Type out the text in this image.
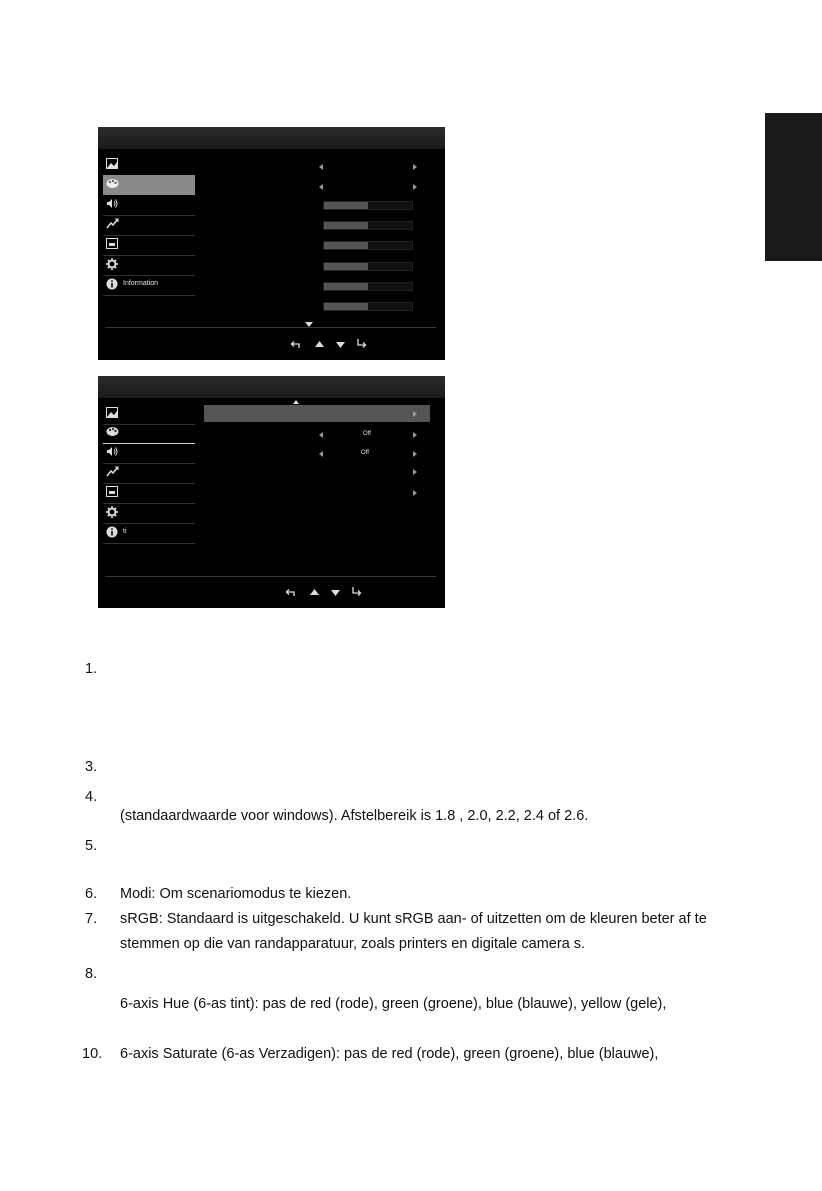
Information
ti
Off
Off
1.
3.
4.
(standaardwaarde voor windows). Afstelbereik is 1.8 , 2.0, 2.2, 2.4 of 2.6.
5.
6. Modi: Om scenariomodus te kiezen.
7. sRGB: Standaard is uitgeschakeld. U kunt sRGB aan- of uitzetten om de kleuren beter af te
stemmen op die van randapparatuur, zoals printers en digitale camera s.
8.
6-axis Hue (6-as tint): pas de red (rode), green (groene), blue (blauwe), yellow (gele),
10. 6-axis Saturate (6-as Verzadigen): pas de red (rode), green (groene), blue (blauwe),
